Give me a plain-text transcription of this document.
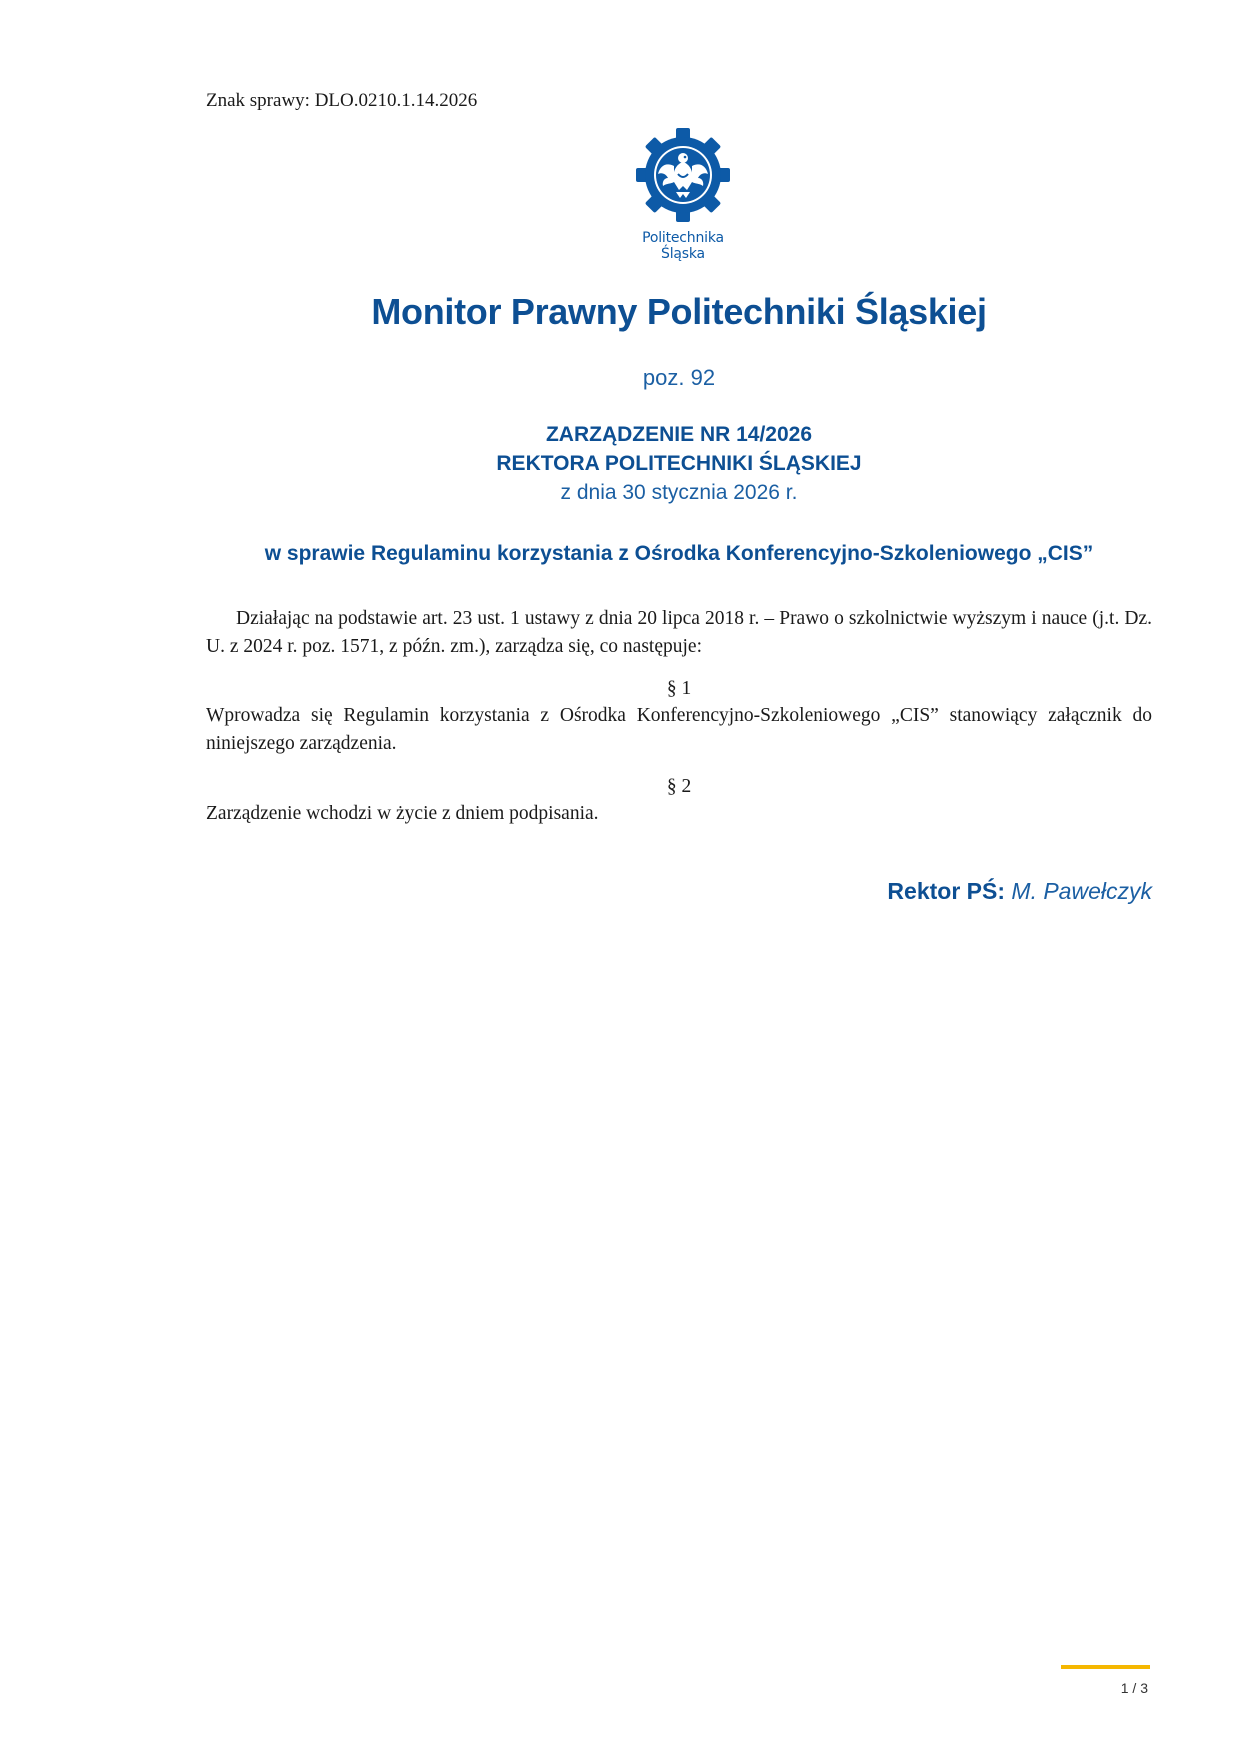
Znak sprawy: DLO.0210.1.14.2026
Politechnika
Śląska
Monitor Prawny Politechniki Śląskiej
poz. 92
ZARZĄDZENIE NR 14/2026
REKTORA POLITECHNIKI ŚLĄSKIEJ
z dnia 30 stycznia 2026 r.
w sprawie Regulaminu korzystania z Ośrodka Konferencyjno-Szkoleniowego „CIS”
Działając na podstawie art. 23 ust. 1 ustawy z dnia 20 lipca 2018 r. – Prawo o szkolnictwie wyższym i nauce (j.t. Dz. U. z 2024 r. poz. 1571, z późn. zm.), zarządza się, co następuje:
§ 1
Wprowadza się Regulamin korzystania z Ośrodka Konferencyjno-Szkoleniowego „CIS” stanowiący załącznik do niniejszego zarządzenia.
§ 2
Zarządzenie wchodzi w życie z dniem podpisania.
Rektor PŚ: M. Pawełczyk
1 / 3
